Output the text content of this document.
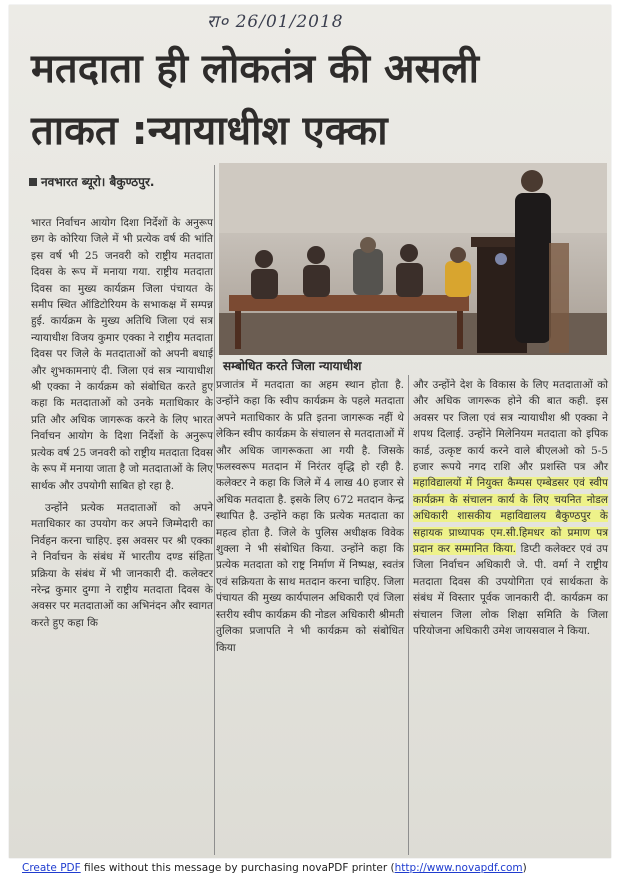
रा० 26/01/2018
मतदाता ही लोकतंत्र की असली
ताकत :न्यायाधीश एक्का
नवभारत ब्यूरो। बैकुण्ठपुर.
सम्बोधित करते जिला न्यायाधीश

भारत निर्वाचन आयोग दिशा निर्देशों के अनुरूप छग के कोरिया जिले में भी प्रत्येक वर्ष की भांति इस वर्ष भी 25 जनवरी को राष्ट्रीय मतदाता दिवस के रूप में मनाया गया. राष्ट्रीय मतदाता दिवस का मुख्य कार्यक्रम जिला पंचायत के समीप स्थित ऑडिटोरियम के सभाकक्ष में सम्पन्न हुई. कार्यक्रम के मुख्य अतिथि जिला एवं सत्र न्यायाधीश विजय कुमार एक्का ने राष्ट्रीय मतदाता दिवस पर जिले के मतदाताओं को अपनी बधाई और शुभकामनाएं दी. जिला एवं सत्र न्यायाधीश श्री एक्का ने कार्यक्रम को संबोधित करते हुए कहा कि मतदाताओं को उनके मताधिकार के प्रति और अधिक जागरूक करने के लिए भारत निर्वाचन आयोग के दिशा निर्देशों के अनुरूप प्रत्येक वर्ष 25 जनवरी को राष्ट्रीय मतदाता दिवस के रूप में मनाया जाता है जो मतदाताओं के लिए सार्थक और उपयोगी साबित हो रहा है.

उन्होंने प्रत्येक मतदाताओं को अपने मताधिकार का उपयोग कर अपने जिम्मेदारी का निर्वहन करना चाहिए. इस अवसर पर श्री एक्का ने निर्वाचन के संबंध में भारतीय दण्ड संहिता प्रक्रिया के संबंध में भी जानकारी दी. कलेक्टर नरेन्द्र कुमार दुग्गा ने राष्ट्रीय मतदाता दिवस के अवसर पर मतदाताओं का अभिनंदन और स्वागत करते हुए कहा कि

प्रजातंत्र में मतदाता का अहम स्थान होता है. उन्होंने कहा कि स्वीप कार्यक्रम के पहले मतदाता अपने मताधिकार के प्रति इतना जागरूक नहीं थे लेकिन स्वीप कार्यक्रम के संचालन से मतदाताओं में और अधिक जागरूकता आ गयी है. जिसके फलस्वरूप मतदान में निरंतर वृद्धि हो रही है. कलेक्टर ने कहा कि जिले में 4 लाख 40 हजार से अधिक मतदाता है. इसके लिए 672 मतदान केन्द्र स्थापित है. उन्होंने कहा कि प्रत्येक मतदाता का महत्व होता है. जिले के पुलिस अधीक्षक विवेक शुक्ला ने भी संबोधित किया. उन्होंने कहा कि प्रत्येक मतदाता को राष्ट्र निर्माण में निष्पक्ष, स्वतंत्र एवं सक्रियता के साथ मतदान करना चाहिए. जिला पंचायत की मुख्य कार्यपालन अधिकारी एवं जिला स्तरीय स्वीप कार्यक्रम की नोडल अधिकारी श्रीमती तुलिका प्रजापति ने भी कार्यक्रम को संबोधित किया

और उन्होंने देश के विकास के लिए मतदाताओं को और अधिक जागरूक होने की बात कही. इस अवसर पर जिला एवं सत्र न्यायाधीश श्री एक्का ने शपथ दिलाई. उन्होंने मिलेनियम मतदाता को इपिक कार्ड, उत्कृष्ट कार्य करने वाले बीएलओ को 5-5 हजार रूपये नगद राशि और प्रशस्ति पत्र और महाविद्यालयों में नियुक्त कैम्पस एम्बेडसर एवं स्वीप कार्यक्रम के संचालन कार्य के लिए चयनित नोडल अधिकारी शासकीय महाविद्यालय बैकुण्ठपुर के सहायक प्राध्यापक एम.सी.हिमधर को प्रमाण पत्र प्रदान कर सम्मानित किया. डिप्टी कलेक्टर एवं उप जिला निर्वाचन अधिकारी जे. पी. वर्मा ने राष्ट्रीय मतदाता दिवस की उपयोगिता एवं सार्थकता के संबंध में विस्तार पूर्वक जानकारी दी. कार्यक्रम का संचालन जिला लोक शिक्षा समिति के जिला परियोजना अधिकारी उमेश जायसवाल ने किया.

Create PDF files without this message by purchasing novaPDF printer (http://www.novapdf.com)
